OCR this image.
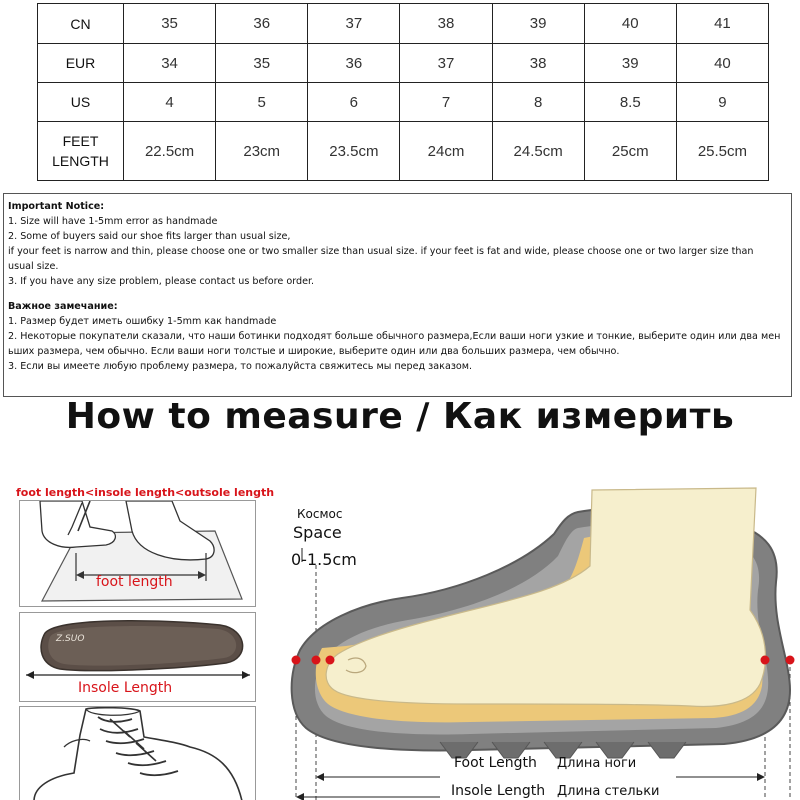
CN	35	36	37	38	39	40	41

EUR	34	35	36	37	38	39	40

US	4	5	6	7	8	8.5	9

FEET
LENGTH	22.5cm	23cm	23.5cm	24cm	24.5cm	25cm	25.5cm
Important Notice:
1. Size will have 1-5mm error as handmade
2. Some of buyers said our shoe fits larger than usual size,
if your feet is narrow and thin, please choose one or two smaller size than usual size. if your feet is fat and wide, please choose one or two larger size than
usual size.
3. If you have any size problem, please contact us before order.
Важное замечание:
1. Размер будет иметь ошибку 1-5mm как handmade
2. Некоторые покупатели сказали, что наши ботинки подходят больше обычного размера,Если ваши ноги узкие и тонкие, выберите один или два мен
ьших размера, чем обычно. Если ваши ноги толстые и широкие, выберите один или два больших размера, чем обычно.
3. Если вы имеете любую проблему размера, то пожалуйста свяжитесь мы перед заказом.
How to measure / Как измерить
foot length<insole length<outsole length
foot length
Z.SUO
Insole Length
Космос
Space
0-1.5cm
Foot Length Длина ноги
Insole Length Длина стельки
